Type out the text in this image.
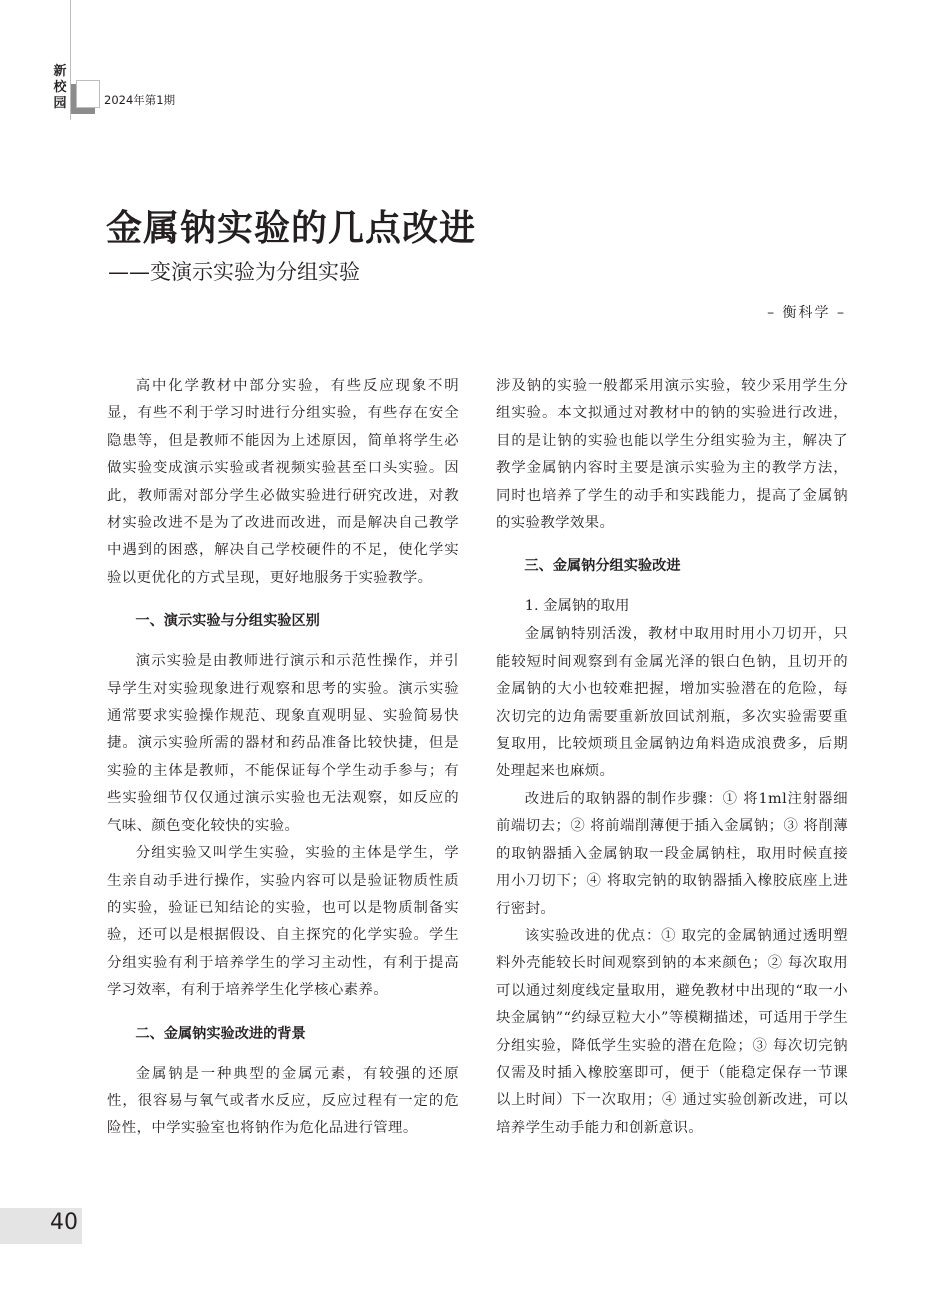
新
校
园	2024年第1期
金属钠实验的几点改进
——变演示实验为分组实验
– 衡科学 –

高中化学教材中部分实验，有些反应现象不明显，有些不利于学习时进行分组实验，有些存在安全隐患等，但是教师不能因为上述原因，简单将学生必做实验变成演示实验或者视频实验甚至口头实验。因此，教师需对部分学生必做实验进行研究改进，对教材实验改进不是为了改进而改进，而是解决自己教学中遇到的困惑，解决自己学校硬件的不足，使化学实验以更优化的方式呈现，更好地服务于实验教学。

一、演示实验与分组实验区别

演示实验是由教师进行演示和示范性操作，并引导学生对实验现象进行观察和思考的实验。演示实验通常要求实验操作规范、现象直观明显、实验简易快捷。演示实验所需的器材和药品准备比较快捷，但是实验的主体是教师，不能保证每个学生动手参与；有些实验细节仅仅通过演示实验也无法观察，如反应的气味、颜色变化较快的实验。

分组实验又叫学生实验，实验的主体是学生，学生亲自动手进行操作，实验内容可以是验证物质性质的实验，验证已知结论的实验，也可以是物质制备实验，还可以是根据假设、自主探究的化学实验。学生分组实验有利于培养学生的学习主动性，有利于提高学习效率，有利于培养学生化学核心素养。

二、金属钠实验改进的背景

金属钠是一种典型的金属元素，有较强的还原性，很容易与氧气或者水反应，反应过程有一定的危险性，中学实验室也将钠作为危化品进行管理。

涉及钠的实验一般都采用演示实验，较少采用学生分组实验。本文拟通过对教材中的钠的实验进行改进，目的是让钠的实验也能以学生分组实验为主，解决了教学金属钠内容时主要是演示实验为主的教学方法，同时也培养了学生的动手和实践能力，提高了金属钠的实验教学效果。

三、金属钠分组实验改进
1. 金属钠的取用

金属钠特别活泼，教材中取用时用小刀切开，只能较短时间观察到有金属光泽的银白色钠，且切开的金属钠的大小也较难把握，增加实验潜在的危险，每次切完的边角需要重新放回试剂瓶，多次实验需要重复取用，比较烦琐且金属钠边角料造成浪费多，后期处理起来也麻烦。

改进后的取钠器的制作步骤：① 将1ml注射器细前端切去；② 将前端削薄便于插入金属钠；③ 将削薄的取钠器插入金属钠取一段金属钠柱，取用时候直接用小刀切下；④ 将取完钠的取钠器插入橡胶底座上进行密封。

该实验改进的优点：① 取完的金属钠通过透明塑料外壳能较长时间观察到钠的本来颜色；② 每次取用可以通过刻度线定量取用，避免教材中出现的“取一小块金属钠”“约绿豆粒大小”等模糊描述，可适用于学生分组实验，降低学生实验的潜在危险；③ 每次切完钠仅需及时插入橡胶塞即可，便于（能稳定保存一节课以上时间）下一次取用；④ 通过实验创新改进，可以培养学生动手能力和创新意识。

40
